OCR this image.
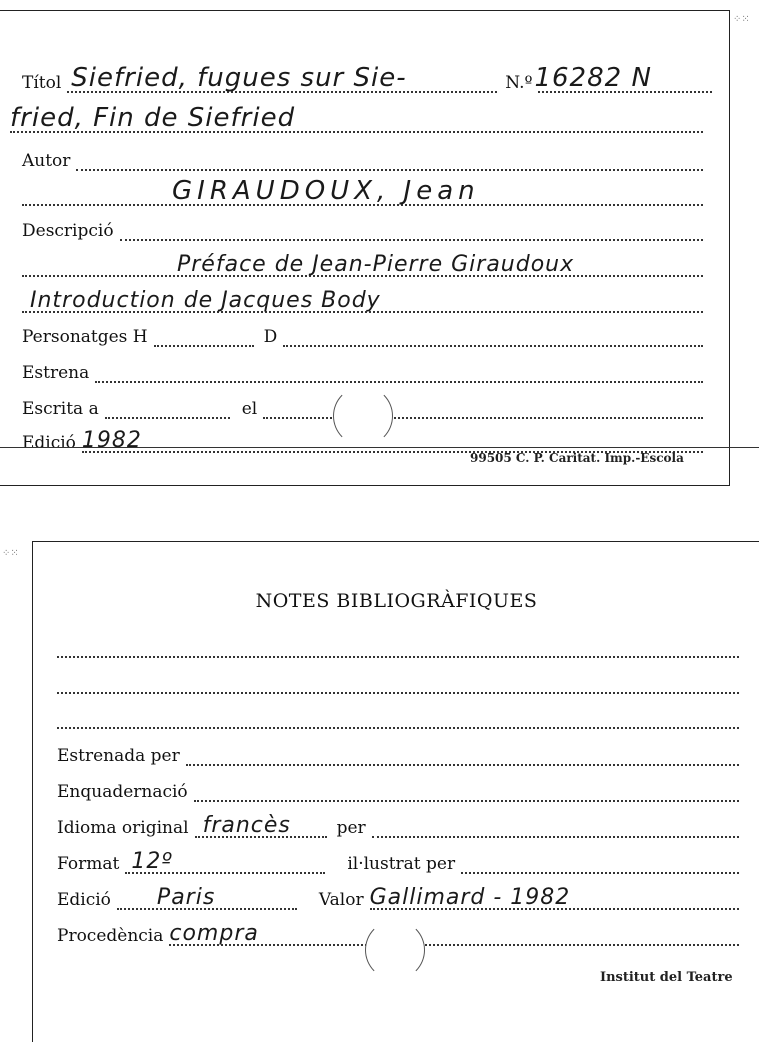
Títol Siefried, fugues sur Sie-	N.º 16282 N
fried, Fin de Siefried
Autor
GIRAUDOUX, Jean
Descripció
Préface de Jean-Pierre Giraudoux
Introduction de Jacques Body
Personatges H	D
Estrena
Escrita a	el
Edició 1982
99505 C. P. Caritat. Imp.-Escola
⁘⁙
⁘⁙
NOTES BIBLIOGRÀFIQUES
Estrenada per
Enquadernació
Idioma original francès	per
Format 12º	il·lustrat per
Edició Paris	Valor Gallimard - 1982
Procedència compra
Institut del Teatre
